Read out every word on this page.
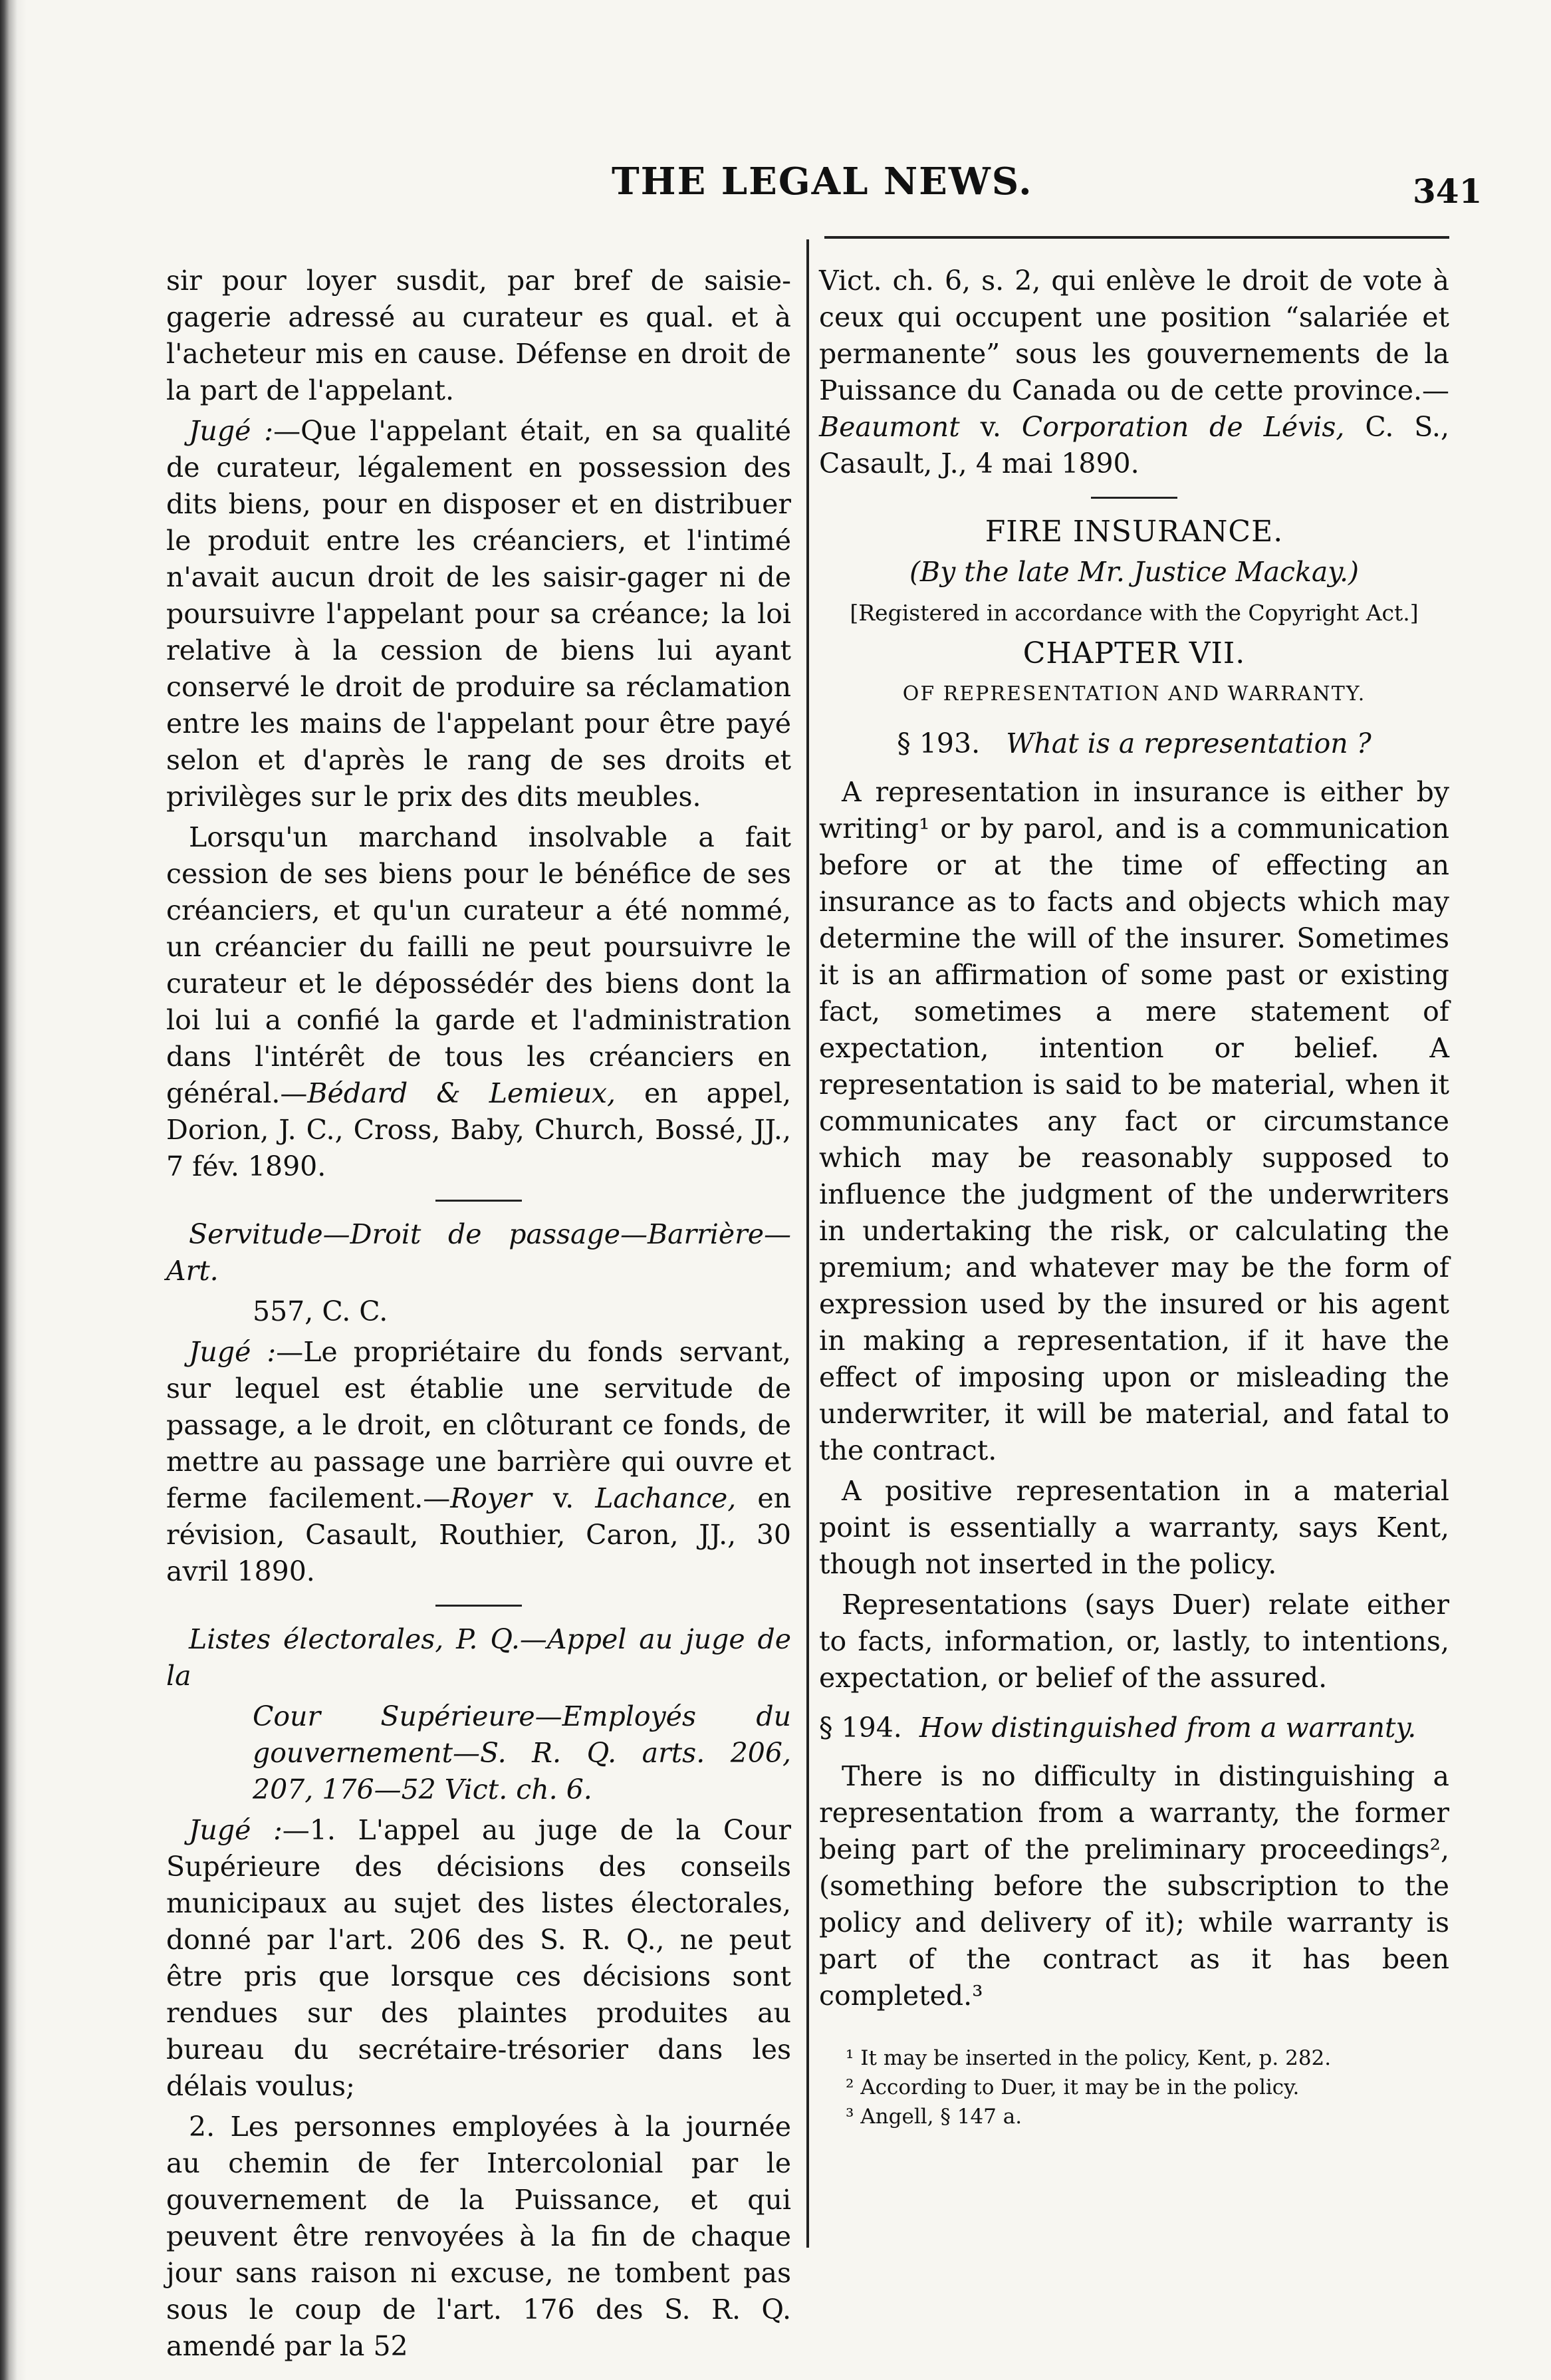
THE LEGAL NEWS.	341

sir pour loyer susdit, par bref de saisie-gagerie adressé au curateur es qual. et à l'acheteur mis en cause. Défense en droit de la part de l'appelant.

Jugé :—Que l'appelant était, en sa qualité de curateur, légalement en possession des dits biens, pour en disposer et en distribuer le produit entre les créanciers, et l'intimé n'avait aucun droit de les saisir-gager ni de poursuivre l'appelant pour sa créance; la loi relative à la cession de biens lui ayant conservé le droit de produire sa réclamation entre les mains de l'appelant pour être payé selon et d'après le rang de ses droits et privilèges sur le prix des dits meubles.

Lorsqu'un marchand insolvable a fait cession de ses biens pour le bénéfice de ses créanciers, et qu'un curateur a été nommé, un créancier du failli ne peut poursuivre le curateur et le dépossédér des biens dont la loi lui a confié la garde et l'administration dans l'intérêt de tous les créanciers en général.—Bédard & Lemieux, en appel, Dorion, J. C., Cross, Baby, Church, Bossé, JJ., 7 fév. 1890.

Servitude—Droit de passage—Barrière—Art.

557, C. C.

Jugé :—Le propriétaire du fonds servant, sur lequel est établie une servitude de passage, a le droit, en clôturant ce fonds, de mettre au passage une barrière qui ouvre et ferme facilement.—Royer v. Lachance, en révision, Casault, Routhier, Caron, JJ., 30 avril 1890.

Listes électorales, P. Q.—Appel au juge de la

Cour Supérieure—Employés du gouvernement—S. R. Q. arts. 206, 207, 176—52 Vict. ch. 6.

Jugé :—1. L'appel au juge de la Cour Supérieure des décisions des conseils municipaux au sujet des listes électorales, donné par l'art. 206 des S. R. Q., ne peut être pris que lorsque ces décisions sont rendues sur des plaintes produites au bureau du secrétaire-trésorier dans les délais voulus;

2. Les personnes employées à la journée au chemin de fer Intercolonial par le gouvernement de la Puissance, et qui peuvent être renvoyées à la fin de chaque jour sans raison ni excuse, ne tombent pas sous le coup de l'art. 176 des S. R. Q. amendé par la 52

Vict. ch. 6, s. 2, qui enlève le droit de vote à ceux qui occupent une position “salariée et permanente” sous les gouvernements de la Puissance du Canada ou de cette province.—Beaumont v. Corporation de Lévis, C. S., Casault, J., 4 mai 1890.

FIRE INSURANCE.

(By the late Mr. Justice Mackay.)

[Registered in accordance with the Copyright Act.]

CHAPTER VII.

OF REPRESENTATION AND WARRANTY.

§ 193. What is a representation ?

A representation in insurance is either by writing¹ or by parol, and is a communication before or at the time of effecting an insurance as to facts and objects which may determine the will of the insurer. Sometimes it is an affirmation of some past or existing fact, sometimes a mere statement of expectation, intention or belief. A representation is said to be material, when it communicates any fact or circumstance which may be reasonably supposed to influence the judgment of the underwriters in undertaking the risk, or calculating the premium; and whatever may be the form of expression used by the insured or his agent in making a representation, if it have the effect of imposing upon or misleading the underwriter, it will be material, and fatal to the contract.

A positive representation in a material point is essentially a warranty, says Kent, though not inserted in the policy.

Representations (says Duer) relate either to facts, information, or, lastly, to intentions, expectation, or belief of the assured.

§ 194. How distinguished from a warranty.

There is no difficulty in distinguishing a representation from a warranty, the former being part of the preliminary proceedings², (something before the subscription to the policy and delivery of it); while warranty is part of the contract as it has been completed.³

¹ It may be inserted in the policy, Kent, p. 282.
² According to Duer, it may be in the policy.
³ Angell, § 147 a.
